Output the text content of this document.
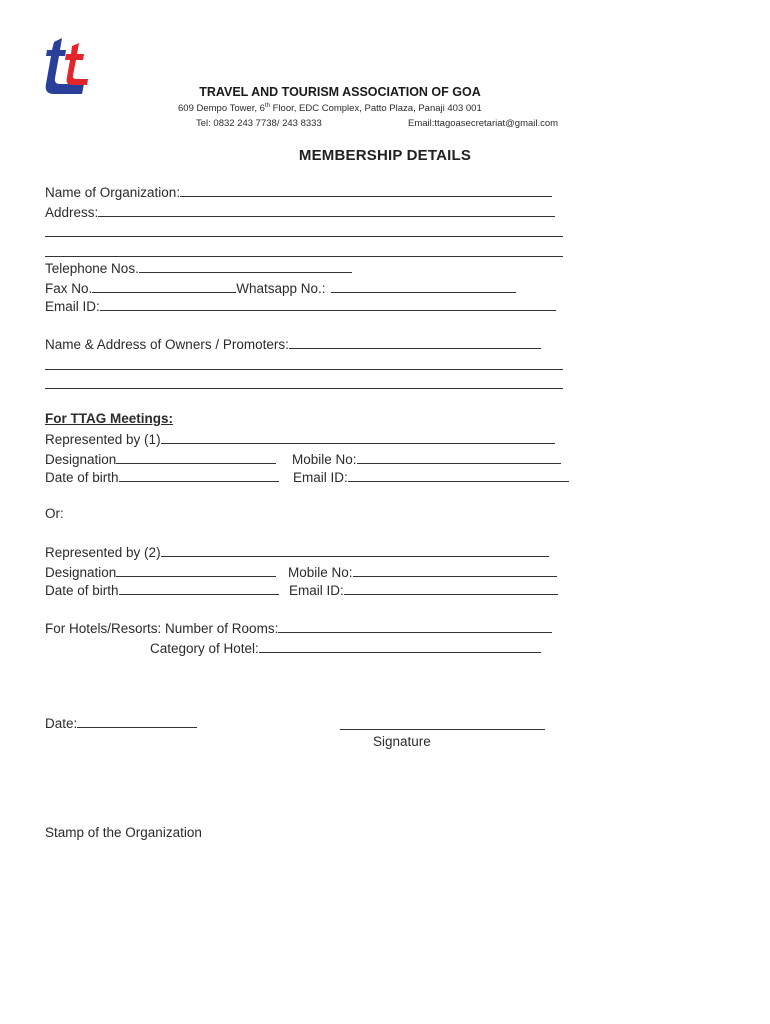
TRAVEL AND TOURISM ASSOCIATION OF GOA
609 Dempo Tower, 6th Floor, EDC Complex, Patto Plaza, Panaji 403 001
Tel: 0832 243 7738/ 243 8333	Email:ttagoasecretariat@gmail.com
MEMBERSHIP DETAILS
Name of Organization:
Address:
Telephone Nos.
Fax No.	Whatsapp No.:
Email ID:
Name & Address of Owners / Promoters:
For TTAG Meetings:
Represented by (1)
Designation	Mobile No:
Date of birth	Email ID:
Or:
Represented by (2)
Designation	Mobile No:
Date of birth	Email ID:
For Hotels/Resorts: Number of Rooms:
Category of Hotel:
Date:
Signature
Stamp of the Organization
